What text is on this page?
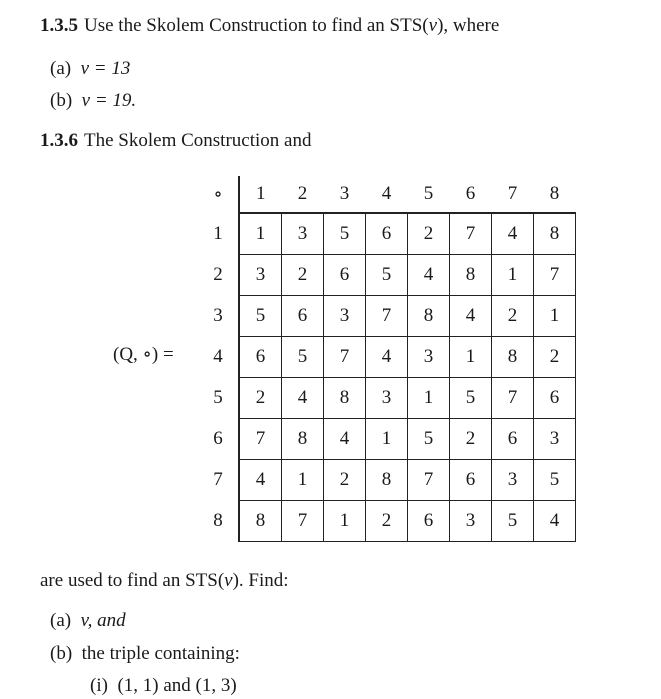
1.3.5 Use the Skolem Construction to find an STS(v), where
(a) v = 13
(b) v = 19.
1.3.6 The Skolem Construction and
(Q, ∘) =
∘	1	2	3	4	5	6	7	8
1	1	3	5	6	2	7	4	8
2	3	2	6	5	4	8	1	7
3	5	6	3	7	8	4	2	1
4	6	5	7	4	3	1	8	2
5	2	4	8	3	1	5	7	6
6	7	8	4	1	5	2	6	3
7	4	1	2	8	7	6	3	5
8	8	7	1	2	6	3	5	4
are used to find an STS(v). Find:
(a) v, and
(b) the triple containing:
(i) (1, 1) and (1, 3)
